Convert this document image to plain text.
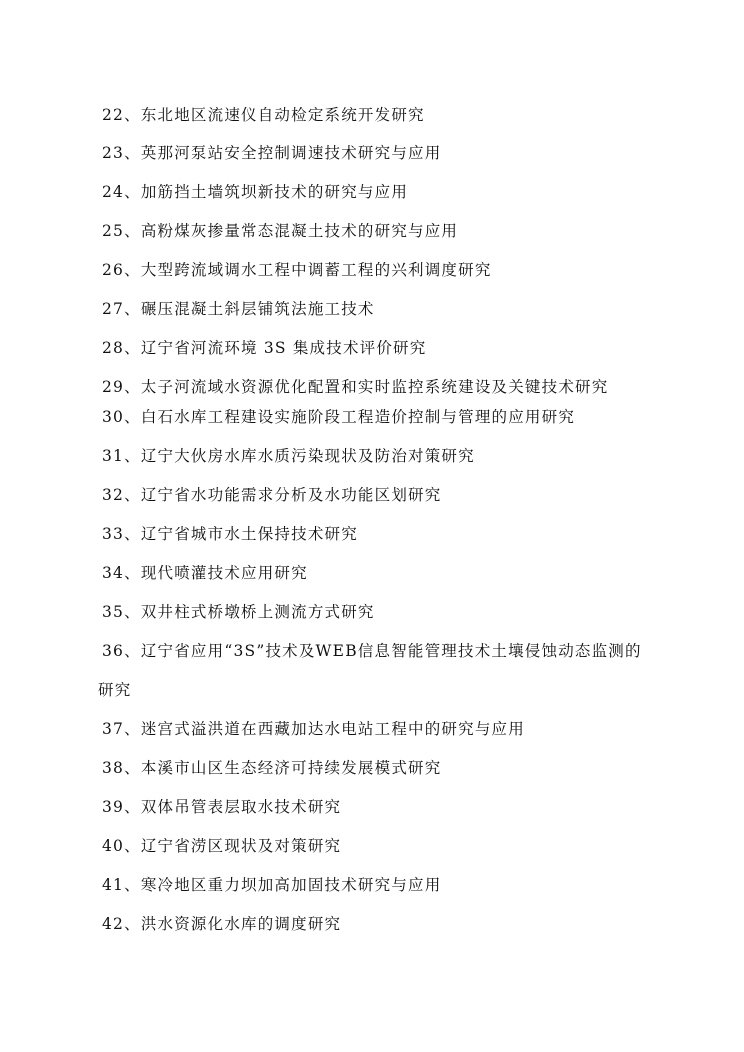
22、东北地区流速仪自动检定系统开发研究
23、英那河泵站安全控制调速技术研究与应用
24、加筋挡土墙筑坝新技术的研究与应用
25、高粉煤灰掺量常态混凝土技术的研究与应用
26、大型跨流域调水工程中调蓄工程的兴利调度研究
27、碾压混凝土斜层铺筑法施工技术
28、辽宁省河流环境 3S 集成技术评价研究
29、太子河流域水资源优化配置和实时监控系统建设及关键技术研究
30、白石水库工程建设实施阶段工程造价控制与管理的应用研究
31、辽宁大伙房水库水质污染现状及防治对策研究
32、辽宁省水功能需求分析及水功能区划研究
33、辽宁省城市水土保持技术研究
34、现代喷灌技术应用研究
35、双井柱式桥墩桥上测流方式研究
36、辽宁省应用“3S”技术及WEB信息智能管理技术土壤侵蚀动态监测的
研究
37、迷宫式溢洪道在西藏加达水电站工程中的研究与应用
38、本溪市山区生态经济可持续发展模式研究
39、双体吊管表层取水技术研究
40、辽宁省涝区现状及对策研究
41、寒冷地区重力坝加高加固技术研究与应用
42、洪水资源化水库的调度研究
